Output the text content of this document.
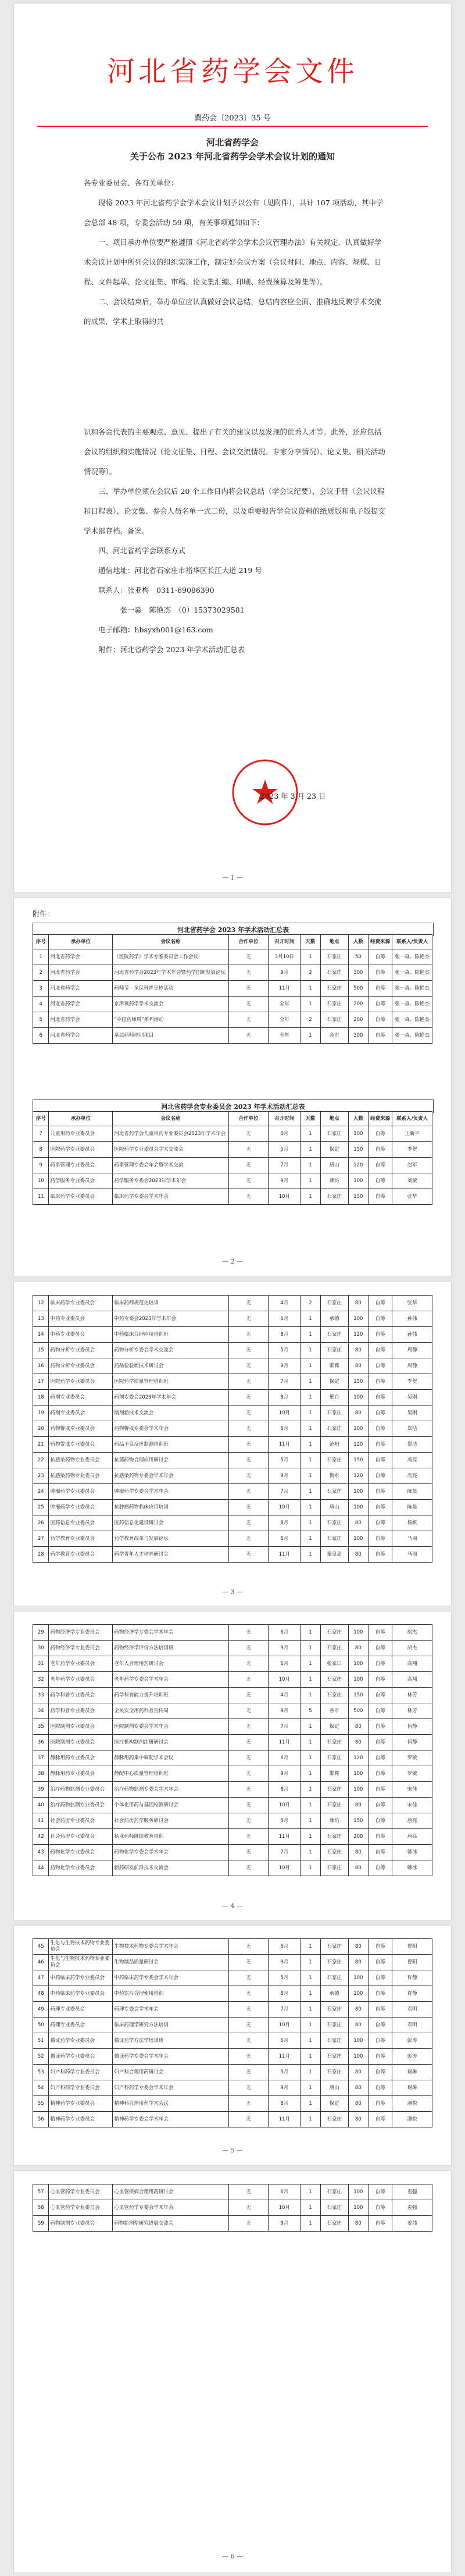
河北省药学会文件
冀药会〔2023〕35 号
河北省药学会
关于公布 2023 年河北省药学会学术会议计划的通知

各专业委员会、各有关单位：

现将 2023 年河北省药学会学术会议计划予以公布（见附件），共计 107 项活动，其中学会总部 48 项，专委会活动 59 项，有关事项通知如下：

一、项目承办单位要严格遵照《河北省药学会学术会议管理办法》有关规定，认真做好学术会议计划中所列会议的组织实施工作，制定好会议方案（会议时间、地点、内容、规模、日程、文件起草、论文征集、审稿、论文集汇编、印刷、经费预算及筹集等）。

二、会议结束后，举办单位应认真做好会议总结，总结内容应全面、准确地反映学术交流的成果，学术上取得的共

识和各会代表的主要观点、意见、提出了有关的建议以及发现的优秀人才等。此外，还应包括会议的组织和实施情况（论文征集、日程、会议交流情况、专家分享情况）、论文集、相关活动情况等）。

三、举办单位须在会议后 20 个工作日内将会议总结（学会议纪要）、会议手册（会议议程和日程表）、论文集、参会人员名单一式二份，以及重要报告学会议资料的纸质版和电子版提交学术部存档、备案。

四、河北省药学会联系方式

通信地址：河北省石家庄市裕华区长江大道 219 号

联系人：张亚梅　0311-69086390

张一淼　陈艳杰　（0）15373029581

电子邮箱：hbsyxh001@163.com

附件：河北省药学会 2023 年学术活动汇总表

2023 年 3 月 23 日
— 1 —
附件：
河北省药学会 2023 年学术活动汇总表
序号	承办单位	会议名称	合作单位	召开时间	天数	地点	人数	经费来源	联系人/负责人
1	河北省药学会	《医院药学》学术专家委员会工作会议	无	3月10日	1	石家庄	50	自筹	张一淼、陈艳杰
2	河北省药学会	河北省药学会2023年学术年会暨药学创新发展论坛	无	9月	2	石家庄	300	自筹	张一淼、陈艳杰
3	河北省药学会	药师节 · 全民科普宣传活动	无	11月	1	石家庄	500	自筹	张一淼、陈艳杰
4	河北省药学会	京津冀药学学术交流会	无	全年	1	石家庄	200	自筹	张一淼、陈艳杰
5	河北省药学会	“中国药师周”系列活动	无	全年	2	石家庄	200	自筹	张一淼、陈艳杰
6	河北省药学会	基层药师培训项目	无	全年	1	各市	300	自筹	张一淼、陈艳杰
河北省药学会专业委员会 2023 年学术活动汇总表
序号	承办单位	会议名称	合作单位	召开时间	天数	地点	人数	经费来源	联系人/负责人
7	儿童用药专业委员会	河北省药学会儿童用药专业委员会2023年学术年会	无	6月	1	石家庄	100	自筹	王新平
8	医院药学专业委员会	医院药学专业委员会学术交流会	无	5月	1	保定	150	自筹	李贺
9	药事管理专业委员会	药事管理专委会年会暨学术交流	无	7月	1	唐山	120	自筹	赵军
10	药学服务专业委员会	药学服务专委会2023年学术年会	无	9月	1	廊坊	100	自筹	刘敏
11	临床药学专业委员会	临床药学专委会学术年会	无	10月	1	石家庄	150	自筹	张华
— 2 —
12	临床药学专业委员会	临床药师规范化培训	无	4月	2	石家庄	80	自筹	张华
13	中药专业委员会	中药专委会2023年学术年会	无	6月	1	承德	100	自筹	孙伟
14	中药专业委员会	中药临床合理应用培训班	无	8月	1	石家庄	120	自筹	孙伟
15	药物分析专业委员会	药物分析专委会学术交流会	无	5月	1	石家庄	80	自筹	周静
16	药物分析专业委员会	药品检验新技术研讨会	无	9月	1	邯郸	80	自筹	周静
17	医院药学专业委员会	医院药学质量管理培训班	无	7月	1	保定	150	自筹	李贺
18	药剂专业委员会	药剂专委会2023年学术年会	无	8月	1	邢台	100	自筹	吴刚
19	药剂专业委员会	制剂新技术交流会	无	10月	1	石家庄	80	自筹	吴刚
20	药物警戒专业委员会	药物警戒专委会学术年会	无	6月	1	石家庄	100	自筹	郑洁
21	药物警戒专业委员会	药品不良反应监测培训班	无	11月	1	沧州	120	自筹	郑洁
22	抗感染药物专业委员会	抗菌药物合理应用研讨会	无	5月	1	石家庄	150	自筹	冯亮
23	抗感染药物专业委员会	抗感染药物专委会学术年会	无	9月	1	衡水	120	自筹	冯亮
24	肿瘤药学专业委员会	肿瘤药学专委会学术年会	无	7月	1	石家庄	100	自筹	陈晨
25	肿瘤药学专业委员会	抗肿瘤药物临床应用培训	无	10月	1	唐山	100	自筹	陈晨
26	医药信息专业委员会	医药信息化建设研讨会	无	8月	1	石家庄	80	自筹	杨帆
27	药学教育专业委员会	药学教育改革与发展论坛	无	6月	1	石家庄	100	自筹	马丽
28	药学教育专业委员会	药学青年人才培养研讨会	无	11月	1	秦皇岛	80	自筹	马丽
— 3 —
29	药物经济学专业委员会	药物经济学专委会学术年会	无	6月	1	石家庄	100	自筹	胡杰
30	药物经济学专业委员会	药物经济学评价方法培训班	无	9月	1	石家庄	80	自筹	胡杰
31	老年药学专业委员会	老年人合理用药研讨会	无	5月	1	张家口	100	自筹	高翔
32	老年药学专业委员会	老年药学专委会学术年会	无	10月	1	石家庄	100	自筹	高翔
33	药学科普专业委员会	药学科普能力提升培训班	无	4月	1	石家庄	150	自筹	林芳
34	药学科普专业委员会	全民安全用药科普宣传周	无	9月	5	各市	500	自筹	林芳
35	医院制剂专业委员会	医院制剂专委会学术年会	无	7月	1	保定	80	自筹	何静
36	医院制剂专业委员会	医疗机构制剂注册研讨会	无	11月	1	石家庄	80	自筹	何静
37	静脉用药专业委员会	静脉用药集中调配学术会议	无	6月	1	石家庄	120	自筹	罗敏
38	静脉用药专业委员会	静配中心质量管理培训班	无	9月	1	邯郸	100	自筹	罗敏
39	治疗药物监测专业委员会	治疗药物监测专委会学术年会	无	8月	1	石家庄	100	自筹	宋佳
40	治疗药物监测专业委员会	个体化用药与基因检测研讨会	无	10月	1	石家庄	80	自筹	宋佳
41	社会药房专业委员会	社会药房药学服务研讨会	无	5月	1	廊坊	150	自筹	唐亮
42	社会药房专业委员会	执业药师继续教育培训	无	11月	1	石家庄	200	自筹	唐亮
43	药物化学专业委员会	药物化学专委会学术年会	无	7月	1	石家庄	80	自筹	韩冰
44	药物化学专业委员会	新药研发前沿技术交流会	无	10月	1	石家庄	80	自筹	韩冰
— 4 —
45	生化与生物技术药物专业委员会	生物技术药物专委会学术年会	无	6月	1	石家庄	80	自筹	曹阳
46	生化与生物技术药物专业委员会	生物制品质量研讨会	无	9月	1	石家庄	80	自筹	曹阳
47	中药临床药学专业委员会	中药临床药学专委会学术年会	无	5月	1	石家庄	100	自筹	许静
48	中药临床药学专业委员会	中药饮片合理使用培训	无	8月	1	承德	100	自筹	许静
49	药理专业委员会	药理专委会学术年会	无	7月	1	石家庄	80	自筹	邓明
50	药理专业委员会	临床药理学研究方法培训	无	10月	1	石家庄	80	自筹	邓明
51	循证药学专业委员会	循证药学方法学培训班	无	6月	1	石家庄	100	自筹	彭涛
52	循证药学专业委员会	循证药学专委会学术年会	无	11月	1	石家庄	100	自筹	彭涛
53	妇产科药学专业委员会	妇产科合理用药研讨会	无	5月	1	石家庄	80	自筹	谢琳
54	妇产科药学专业委员会	妇产科药学专委会学术年会	无	9月	1	唐山	80	自筹	谢琳
55	精神药学专业委员会	精神科合理用药学术会议	无	8月	1	保定	80	自筹	潘悦
56	精神药学专业委员会	精神药学专委会学术年会	无	11月	1	石家庄	80	自筹	潘悦
— 5 —
57	心血管药学专业委员会	心血管疾病合理用药研讨会	无	6月	1	石家庄	100	自筹	袁强
58	心血管药学专业委员会	心血管药学专委会学术年会	无	10月	1	石家庄	100	自筹	袁强
59	药物制剂专业委员会	药物新剂型研究进展交流会	无	9月	1	石家庄	80	自筹	姜伟
— 6 —
